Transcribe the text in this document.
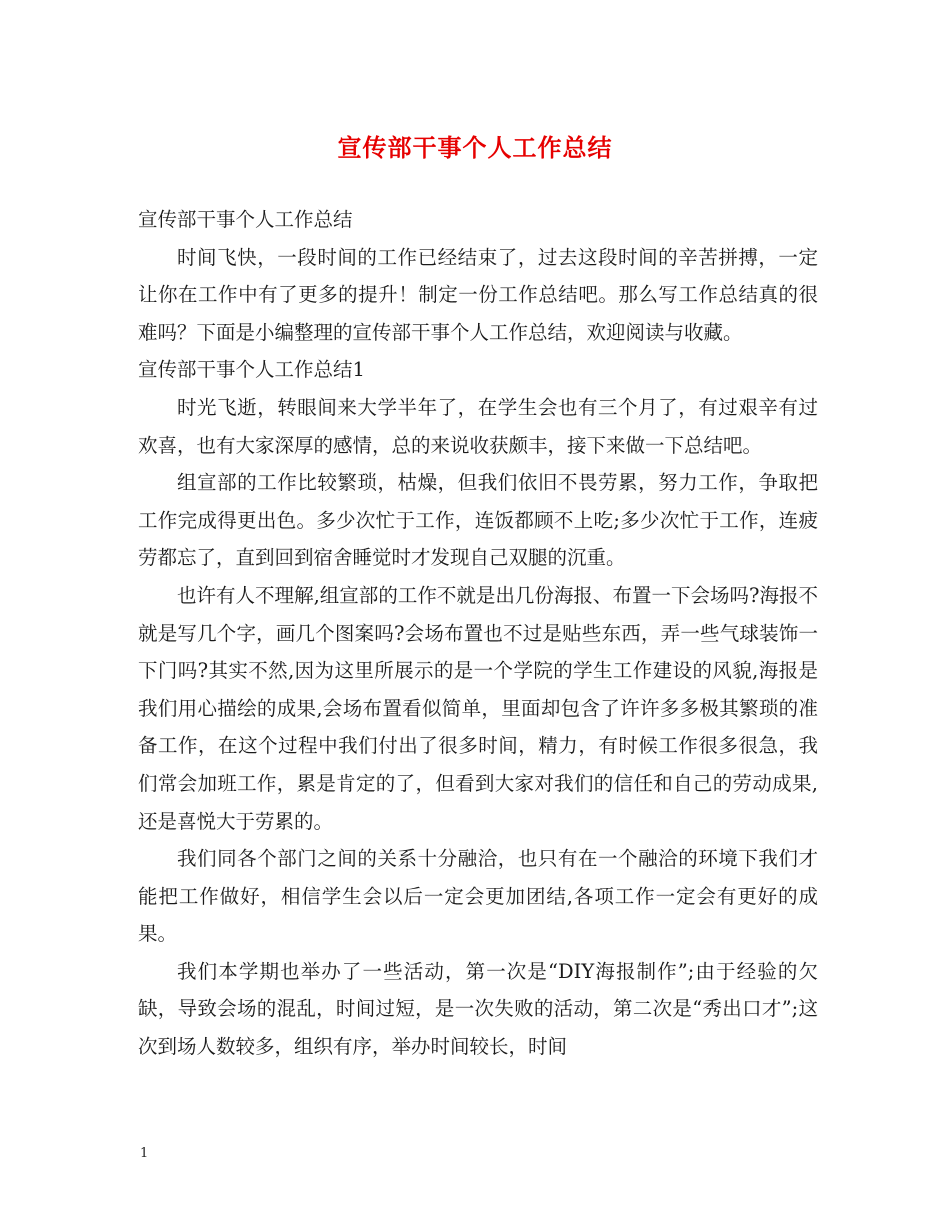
宣传部干事个人工作总结

宣传部干事个人工作总结

时间飞快，一段时间的工作已经结束了，过去这段时间的辛苦拼搏，一定让你在工作中有了更多的提升！制定一份工作总结吧。那么写工作总结真的很难吗？下面是小编整理的宣传部干事个人工作总结，欢迎阅读与收藏。

宣传部干事个人工作总结1

时光飞逝，转眼间来大学半年了，在学生会也有三个月了，有过艰辛有过欢喜，也有大家深厚的感情，总的来说收获颇丰，接下来做一下总结吧。

组宣部的工作比较繁琐，枯燥，但我们依旧不畏劳累，努力工作，争取把工作完成得更出色。多少次忙于工作，连饭都顾不上吃;多少次忙于工作，连疲劳都忘了，直到回到宿舍睡觉时才发现自己双腿的沉重。

也许有人不理解,组宣部的工作不就是出几份海报、布置一下会场吗?海报不就是写几个字，画几个图案吗?会场布置也不过是贴些东西，弄一些气球装饰一下门吗?其实不然,因为这里所展示的是一个学院的学生工作建设的风貌,海报是我们用心描绘的成果,会场布置看似简单，里面却包含了许许多多极其繁琐的准备工作，在这个过程中我们付出了很多时间，精力，有时候工作很多很急，我们常会加班工作，累是肯定的了，但看到大家对我们的信任和自己的劳动成果,还是喜悦大于劳累的。

我们同各个部门之间的关系十分融洽，也只有在一个融洽的环境下我们才能把工作做好，相信学生会以后一定会更加团结,各项工作一定会有更好的成果。

我们本学期也举办了一些活动，第一次是“DIY海报制作”;由于经验的欠缺，导致会场的混乱，时间过短，是一次失败的活动，第二次是“秀出口才”;这次到场人数较多，组织有序，举办时间较长，时间

1
